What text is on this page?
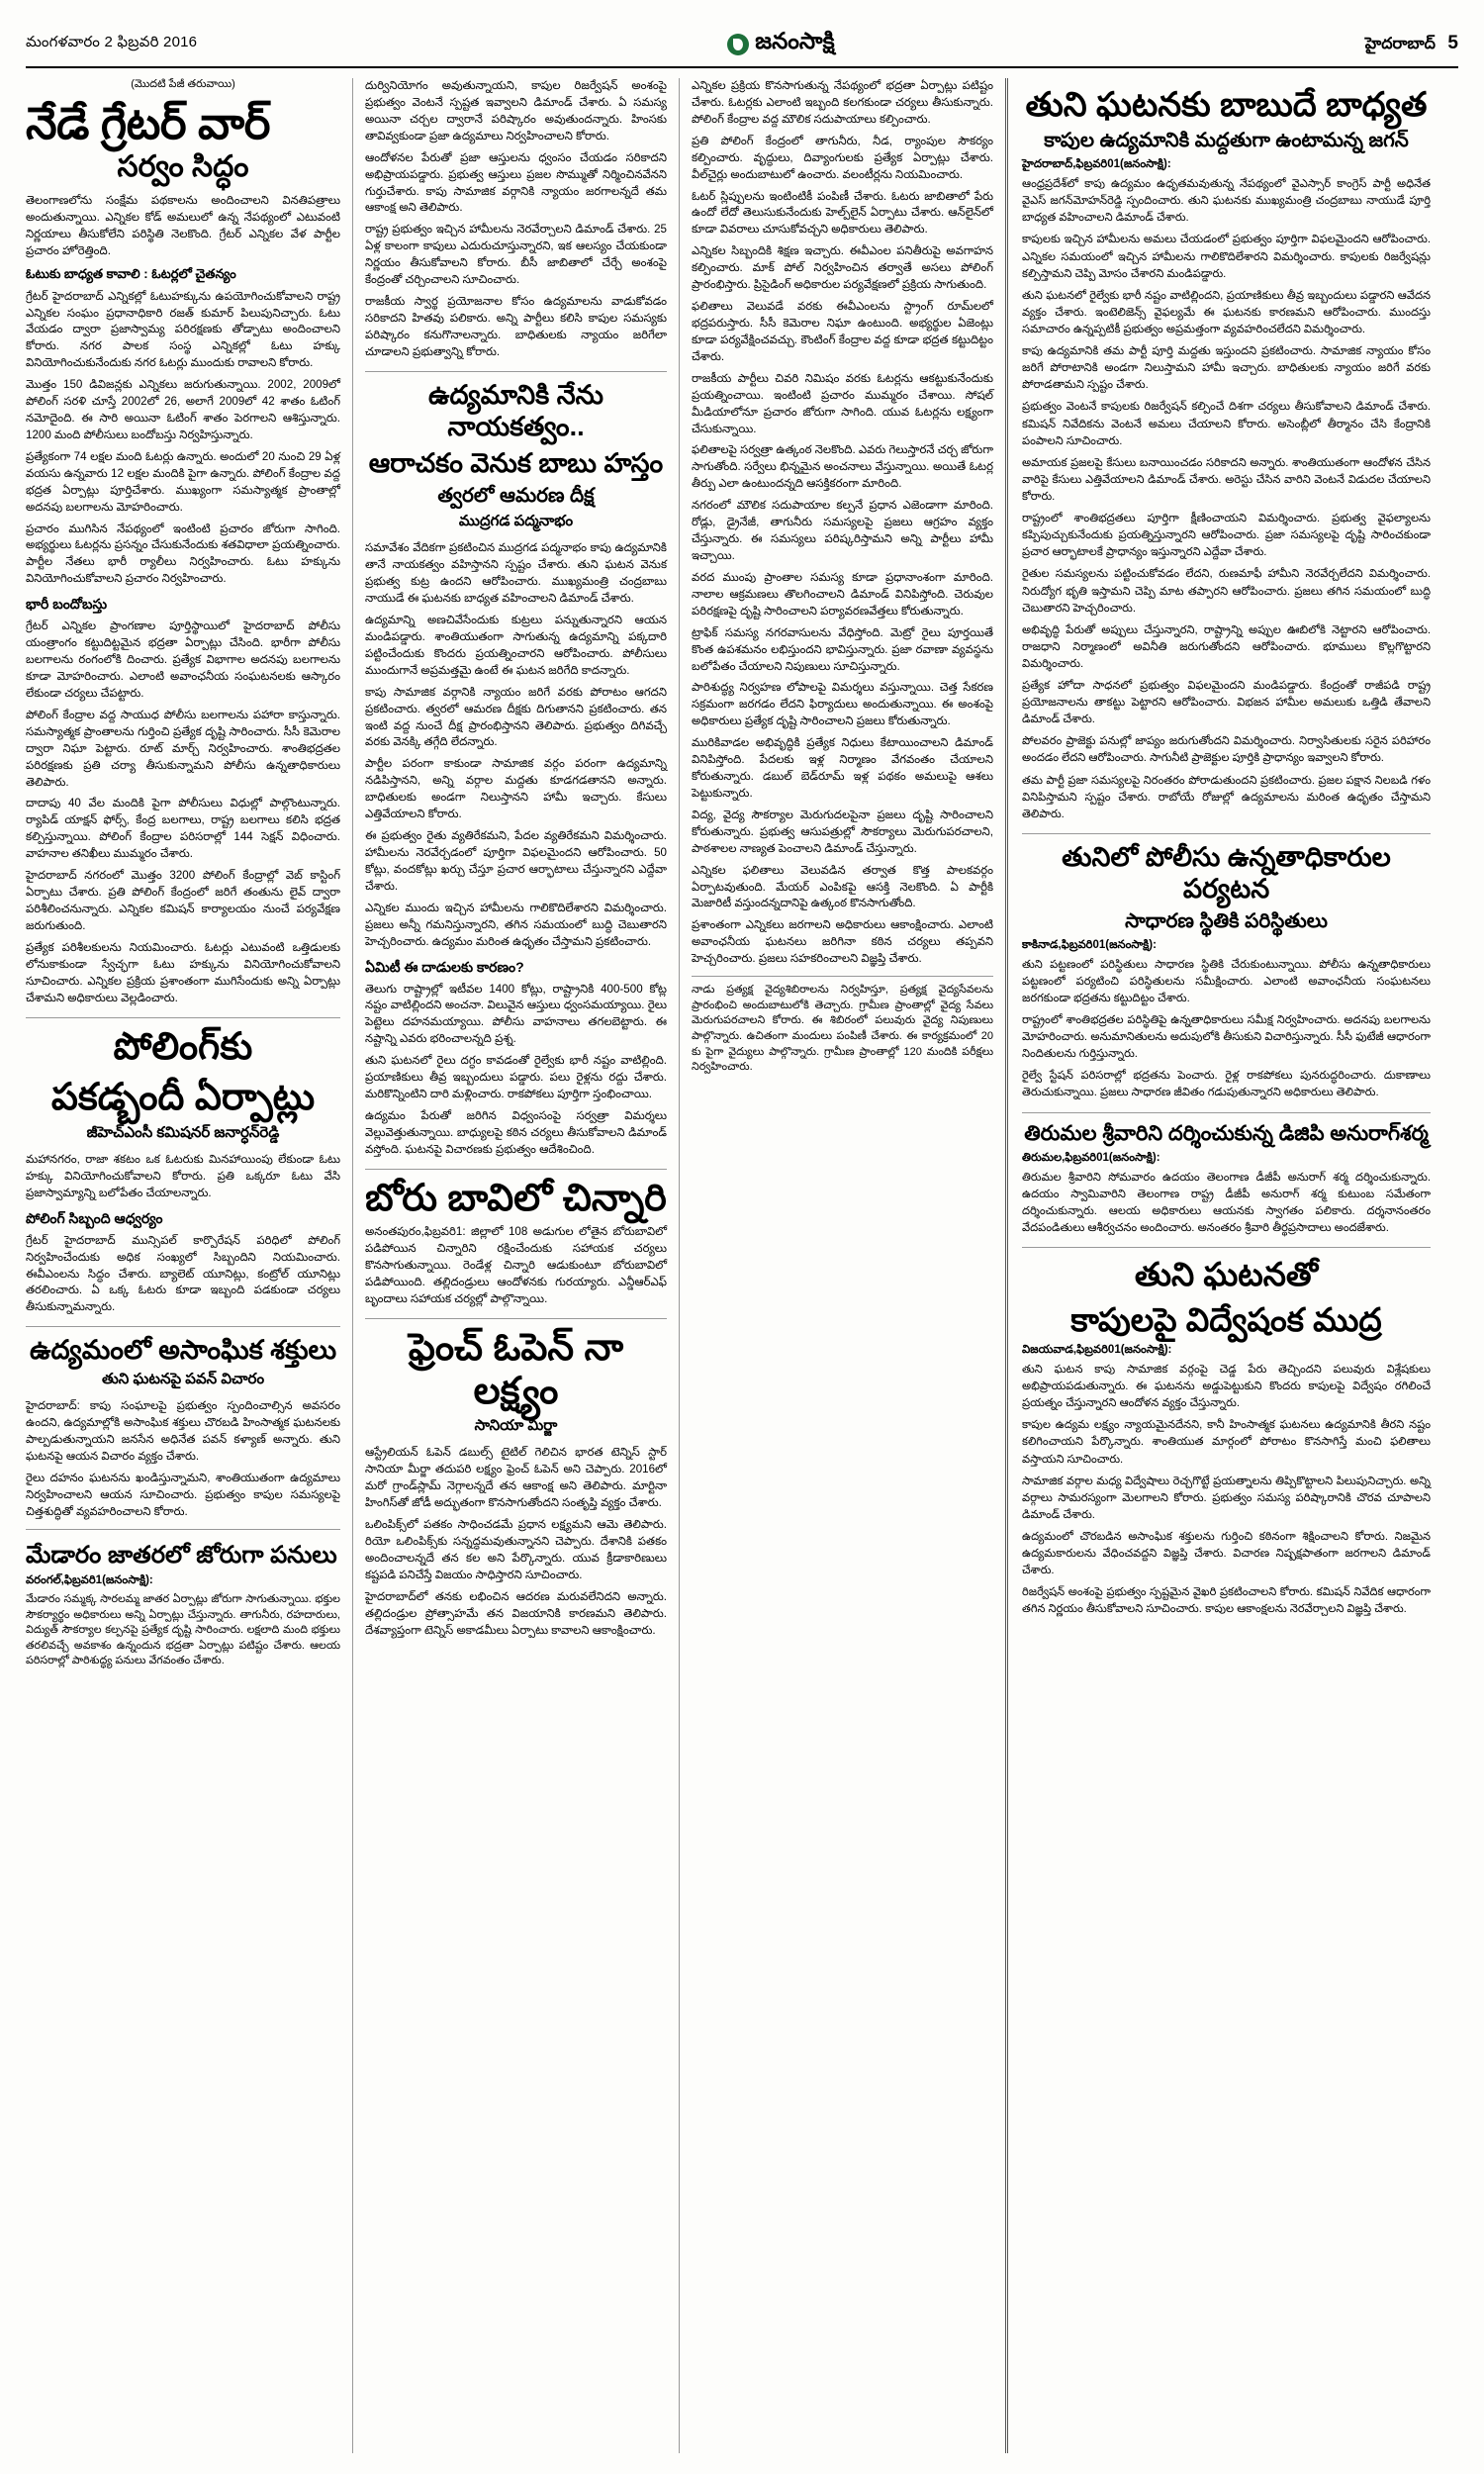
మంగళవారం 2 ఫిబ్రవరి 2016	జనంసాక్షి	హైదరాబాద్ 5
(మొదటి పేజీ తరువాయి)
నేడే గ్రేటర్ వార్
సర్వం సిద్ధం

తెలంగాణలోను సంక్షేమ పథకాలను అందించాలని వినతిపత్రాలు అందుతున్నాయి. ఎన్నికల కోడ్ అమలులో ఉన్న నేపథ్యంలో ఎటువంటి నిర్ణయాలు తీసుకోలేని పరిస్థితి నెలకొంది. గ్రేటర్ ఎన్నికల వేళ పార్టీల ప్రచారం హోరెత్తింది.

ఓటుకు బాధ్యత కావాలి : ఓటర్లలో చైతన్యం

గ్రేటర్ హైదరాబాద్ ఎన్నికల్లో ఓటుహక్కును ఉపయోగించుకోవాలని రాష్ట్ర ఎన్నికల సంఘం ప్రధానాధికారి రజత్ కుమార్ పిలుపునిచ్చారు. ఓటు వేయడం ద్వారా ప్రజాస్వామ్య పరిరక్షణకు తోడ్పాటు అందించాలని కోరారు. నగర పాలక సంస్థ ఎన్నికల్లో ఓటు హక్కు వినియోగించుకునేందుకు నగర ఓటర్లు ముందుకు రావాలని కోరారు.

మొత్తం 150 డివిజన్లకు ఎన్నికలు జరుగుతున్నాయి. 2002, 2009లో పోలింగ్ సరళి చూస్తే 2002లో 26, అలాగే 2009లో 42 శాతం ఓటింగ్ నమోదైంది. ఈ సారి అయినా ఓటింగ్ శాతం పెరగాలని ఆశిస్తున్నారు. 1200 మంది పోలీసులు బందోబస్తు నిర్వహిస్తున్నారు.

ప్రత్యేకంగా 74 లక్షల మంది ఓటర్లు ఉన్నారు. అందులో 20 నుంచి 29 ఏళ్ల వయసు ఉన్నవారు 12 లక్షల మందికి పైగా ఉన్నారు. పోలింగ్ కేంద్రాల వద్ద భద్రత ఏర్పాట్లు పూర్తిచేశారు. ముఖ్యంగా సమస్యాత్మక ప్రాంతాల్లో అదనపు బలగాలను మోహరించారు.

ప్రచారం ముగిసిన నేపథ్యంలో ఇంటింటి ప్రచారం జోరుగా సాగింది. అభ్యర్థులు ఓటర్లను ప్రసన్నం చేసుకునేందుకు శతవిధాలా ప్రయత్నించారు. పార్టీల నేతలు భారీ ర్యాలీలు నిర్వహించారు. ఓటు హక్కును వినియోగించుకోవాలని ప్రచారం నిర్వహించారు.

భారీ బందోబస్తు

గ్రేటర్ ఎన్నికల ప్రాంగణాల పూర్తిస్థాయిలో హైదరాబాద్ పోలీసు యంత్రాంగం కట్టుదిట్టమైన భద్రతా ఏర్పాట్లు చేసింది. భారీగా పోలీసు బలగాలను రంగంలోకి దించారు. ప్రత్యేక విభాగాల అదనపు బలగాలను కూడా మోహరించారు. ఎలాంటి అవాంఛనీయ సంఘటనలకు ఆస్కారం లేకుండా చర్యలు చేపట్టారు.

పోలింగ్ కేంద్రాల వద్ద సాయుధ పోలీసు బలగాలను పహారా కాస్తున్నారు. సమస్యాత్మక ప్రాంతాలను గుర్తించి ప్రత్యేక దృష్టి సారించారు. సీసీ కెమెరాల ద్వారా నిఘా పెట్టారు. రూట్ మార్చ్ నిర్వహించారు. శాంతిభద్రతల పరిరక్షణకు ప్రతి చర్యా తీసుకున్నామని పోలీసు ఉన్నతాధికారులు తెలిపారు.

దాదాపు 40 వేల మందికి పైగా పోలీసులు విధుల్లో పాల్గొంటున్నారు. ర్యాపిడ్ యాక్షన్ ఫోర్స్, కేంద్ర బలగాలు, రాష్ట్ర బలగాలు కలిసి భద్రత కల్పిస్తున్నాయి. పోలింగ్ కేంద్రాల పరిసరాల్లో 144 సెక్షన్ విధించారు. వాహనాల తనిఖీలు ముమ్మరం చేశారు.

హైదరాబాద్ నగరంలో మొత్తం 3200 పోలింగ్ కేంద్రాల్లో వెబ్ కాస్టింగ్ ఏర్పాటు చేశారు. ప్రతి పోలింగ్ కేంద్రంలో జరిగే తంతును లైవ్ ద్వారా పరిశీలించనున్నారు. ఎన్నికల కమిషన్ కార్యాలయం నుంచే పర్యవేక్షణ జరుగుతుంది.

ప్రత్యేక పరిశీలకులను నియమించారు. ఓటర్లు ఎటువంటి ఒత్తిడులకు లోనుకాకుండా స్వేచ్ఛగా ఓటు హక్కును వినియోగించుకోవాలని సూచించారు. ఎన్నికల ప్రక్రియ ప్రశాంతంగా ముగిసేందుకు అన్ని ఏర్పాట్లు చేశామని అధికారులు వెల్లడించారు.

పోలింగ్‌కు
పకడ్బందీ ఏర్పాట్లు
జీహెచ్ఎంసీ కమిషనర్ జనార్ధన్‌రెడ్డి

మహానగరం, రాజా శకటం ఒక ఓటరుకు మినహాయింపు లేకుండా ఓటు హక్కు వినియోగించుకోవాలని కోరారు. ప్రతి ఒక్కరూ ఓటు వేసి ప్రజాస్వామ్యాన్ని బలోపేతం చేయాలన్నారు.

పోలింగ్ సిబ్బంది ఆధ్వర్యం

గ్రేటర్ హైదరాబాద్ మున్సిపల్ కార్పొరేషన్ పరిధిలో పోలింగ్ నిర్వహించేందుకు అధిక సంఖ్యలో సిబ్బందిని నియమించారు. ఈవీఎంలను సిద్ధం చేశారు. బ్యాలెట్ యూనిట్లు, కంట్రోల్ యూనిట్లు తరలించారు. ఏ ఒక్క ఓటరు కూడా ఇబ్బంది పడకుండా చర్యలు తీసుకున్నామన్నారు.

ఉద్యమంలో అసాంఘిక శక్తులు
తుని ఘటనపై పవన్ విచారం

హైదరాబాద్: కాపు సంఘాలపై ప్రభుత్వం స్పందించాల్సిన అవసరం ఉందని, ఉద్యమాల్లోకి అసాంఘిక శక్తులు చొరబడి హింసాత్మక ఘటనలకు పాల్పడుతున్నాయని జనసేన అధినేత పవన్ కళ్యాణ్ అన్నారు. తుని ఘటనపై ఆయన విచారం వ్యక్తం చేశారు.

రైలు దహనం ఘటనను ఖండిస్తున్నామని, శాంతియుతంగా ఉద్యమాలు నిర్వహించాలని ఆయన సూచించారు. ప్రభుత్వం కాపుల సమస్యలపై చిత్తశుద్ధితో వ్యవహరించాలని కోరారు.

మేడారం జాతరలో జోరుగా పనులు
వరంగల్,ఫిబ్రవరి1(జనంసాక్షి):

మేడారం సమ్మక్క సారలమ్మ జాతర ఏర్పాట్లు జోరుగా సాగుతున్నాయి. భక్తుల సౌకర్యార్థం అధికారులు అన్ని ఏర్పాట్లు చేస్తున్నారు. తాగునీరు, రహదారులు, విద్యుత్ సౌకర్యాల కల్పనపై ప్రత్యేక దృష్టి సారించారు. లక్షలాది మంది భక్తులు తరలివచ్చే అవకాశం ఉన్నందున భద్రతా ఏర్పాట్లు పటిష్టం చేశారు. ఆలయ పరిసరాల్లో పారిశుద్ధ్య పనులు వేగవంతం చేశారు.

దుర్వినియోగం అవుతున్నాయని, కాపుల రిజర్వేషన్ అంశంపై ప్రభుత్వం వెంటనే స్పష్టత ఇవ్వాలని డిమాండ్ చేశారు. ఏ సమస్య అయినా చర్చల ద్వారానే పరిష్కారం అవుతుందన్నారు. హింసకు తావివ్వకుండా ప్రజా ఉద్యమాలు నిర్వహించాలని కోరారు.

ఆందోళనల పేరుతో ప్రజా ఆస్తులను ధ్వంసం చేయడం సరికాదని అభిప్రాయపడ్డారు. ప్రభుత్వ ఆస్తులు ప్రజల సొమ్ముతో నిర్మించినవేనని గుర్తుచేశారు. కాపు సామాజిక వర్గానికి న్యాయం జరగాలన్నదే తమ ఆకాంక్ష అని తెలిపారు.

రాష్ట్ర ప్రభుత్వం ఇచ్చిన హామీలను నెరవేర్చాలని డిమాండ్ చేశారు. 25 ఏళ్ల కాలంగా కాపులు ఎదురుచూస్తున్నారని, ఇక ఆలస్యం చేయకుండా నిర్ణయం తీసుకోవాలని కోరారు. బీసీ జాబితాలో చేర్చే అంశంపై కేంద్రంతో చర్చించాలని సూచించారు.

రాజకీయ స్వార్థ ప్రయోజనాల కోసం ఉద్యమాలను వాడుకోవడం సరికాదని హితవు పలికారు. అన్ని పార్టీలు కలిసి కాపుల సమస్యకు పరిష్కారం కనుగొనాలన్నారు. బాధితులకు న్యాయం జరిగేలా చూడాలని ప్రభుత్వాన్ని కోరారు.

ఉద్యమానికి నేను నాయకత్వం..
ఆరాచకం వెనుక బాబు హస్తం
త్వరలో ఆమరణ దీక్ష
ముద్రగడ పద్మనాభం

సమావేశం వేదికగా ప్రకటించిన ముద్రగడ పద్మనాభం కాపు ఉద్యమానికి తానే నాయకత్వం వహిస్తానని స్పష్టం చేశారు. తుని ఘటన వెనుక ప్రభుత్వ కుట్ర ఉందని ఆరోపించారు. ముఖ్యమంత్రి చంద్రబాబు నాయుడే ఈ ఘటనకు బాధ్యత వహించాలని డిమాండ్ చేశారు.

ఉద్యమాన్ని అణచివేసేందుకు కుట్రలు పన్నుతున్నారని ఆయన మండిపడ్డారు. శాంతియుతంగా సాగుతున్న ఉద్యమాన్ని పక్కదారి పట్టించేందుకు కొందరు ప్రయత్నించారని ఆరోపించారు. పోలీసులు ముందుగానే అప్రమత్తమై ఉంటే ఈ ఘటన జరిగేది కాదన్నారు.

కాపు సామాజిక వర్గానికి న్యాయం జరిగే వరకు పోరాటం ఆగదని ప్రకటించారు. త్వరలో ఆమరణ దీక్షకు దిగుతానని ప్రకటించారు. తన ఇంటి వద్ద నుంచే దీక్ష ప్రారంభిస్తానని తెలిపారు. ప్రభుత్వం దిగివచ్చే వరకు వెనక్కి తగ్గేది లేదన్నారు.

పార్టీల పరంగా కాకుండా సామాజిక వర్గం పరంగా ఉద్యమాన్ని నడిపిస్తానని, అన్ని వర్గాల మద్దతు కూడగడతానని అన్నారు. బాధితులకు అండగా నిలుస్తానని హామీ ఇచ్చారు. కేసులు ఎత్తివేయాలని కోరారు.

ఈ ప్రభుత్వం రైతు వ్యతిరేకమని, పేదల వ్యతిరేకమని విమర్శించారు. హామీలను నెరవేర్చడంలో పూర్తిగా విఫలమైందని ఆరోపించారు. 50 కోట్లు, వందకోట్లు ఖర్చు చేస్తూ ప్రచార ఆర్భాటాలు చేస్తున్నారని ఎద్దేవా చేశారు.

ఎన్నికల ముందు ఇచ్చిన హామీలను గాలికొదిలేశారని విమర్శించారు. ప్రజలు అన్నీ గమనిస్తున్నారని, తగిన సమయంలో బుద్ధి చెబుతారని హెచ్చరించారు. ఉద్యమం మరింత ఉధృతం చేస్తామని ప్రకటించారు.

ఏమిటీ ఈ దాడులకు కారణం?

తెలుగు రాష్ట్రాల్లో ఇటీవల 1400 కోట్లు, రాష్ట్రానికి 400-500 కోట్ల నష్టం వాటిల్లిందని అంచనా. విలువైన ఆస్తులు ధ్వంసమయ్యాయి. రైలు పెట్టెలు దహనమయ్యాయి. పోలీసు వాహనాలు తగలబెట్టారు. ఈ నష్టాన్ని ఎవరు భరించాలన్నది ప్రశ్న.

తుని ఘటనలో రైలు దగ్ధం కావడంతో రైల్వేకు భారీ నష్టం వాటిల్లింది. ప్రయాణికులు తీవ్ర ఇబ్బందులు పడ్డారు. పలు రైళ్లను రద్దు చేశారు. మరికొన్నింటిని దారి మళ్లించారు. రాకపోకలు పూర్తిగా స్తంభించాయి.

ఉద్యమం పేరుతో జరిగిన విధ్వంసంపై సర్వత్రా విమర్శలు వెల్లువెత్తుతున్నాయి. బాధ్యులపై కఠిన చర్యలు తీసుకోవాలని డిమాండ్ వస్తోంది. ఘటనపై విచారణకు ప్రభుత్వం ఆదేశించింది.

బోరు బావిలో చిన్నారి

అనంతపురం,ఫిబ్రవరి1: జిల్లాలో 108 అడుగుల లోతైన బోరుబావిలో పడిపోయిన చిన్నారిని రక్షించేందుకు సహాయక చర్యలు కొనసాగుతున్నాయి. రెండేళ్ల చిన్నారి ఆడుకుంటూ బోరుబావిలో పడిపోయింది. తల్లిదండ్రులు ఆందోళనకు గురయ్యారు. ఎన్డీఆర్ఎఫ్ బృందాలు సహాయక చర్యల్లో పాల్గొన్నాయి.

ఫ్రెంచ్ ఓపెన్ నా లక్ష్యం
సానియా మీర్జా

ఆస్ట్రేలియన్ ఓపెన్ డబుల్స్ టైటిల్ గెలిచిన భారత టెన్నిస్ స్టార్ సానియా మీర్జా తదుపరి లక్ష్యం ఫ్రెంచ్ ఓపెన్ అని చెప్పారు. 2016లో మరో గ్రాండ్‌స్లామ్ నెగ్గాలన్నదే తన ఆకాంక్ష అని తెలిపారు. మార్టినా హింగిస్‌తో జోడీ అద్భుతంగా కొనసాగుతోందని సంతృప్తి వ్యక్తం చేశారు.

ఒలింపిక్స్‌లో పతకం సాధించడమే ప్రధాన లక్ష్యమని ఆమె తెలిపారు. రియో ఒలింపిక్స్‌కు సన్నద్ధమవుతున్నానని చెప్పారు. దేశానికి పతకం అందించాలన్నదే తన కల అని పేర్కొన్నారు. యువ క్రీడాకారిణులు కష్టపడి పనిచేస్తే విజయం సాధిస్తారని సూచించారు.

హైదరాబాద్‌లో తనకు లభించిన ఆదరణ మరువలేనిదని అన్నారు. తల్లిదండ్రుల ప్రోత్సాహమే తన విజయానికి కారణమని తెలిపారు. దేశవ్యాప్తంగా టెన్నిస్ అకాడమీలు ఏర్పాటు కావాలని ఆకాంక్షించారు.

ఎన్నికల ప్రక్రియ కొనసాగుతున్న నేపథ్యంలో భద్రతా ఏర్పాట్లు పటిష్టం చేశారు. ఓటర్లకు ఎలాంటి ఇబ్బంది కలగకుండా చర్యలు తీసుకున్నారు. పోలింగ్ కేంద్రాల వద్ద మౌలిక సదుపాయాలు కల్పించారు.

ప్రతి పోలింగ్ కేంద్రంలో తాగునీరు, నీడ, ర్యాంపుల సౌకర్యం కల్పించారు. వృద్ధులు, దివ్యాంగులకు ప్రత్యేక ఏర్పాట్లు చేశారు. వీల్‌చైర్లు అందుబాటులో ఉంచారు. వలంటీర్లను నియమించారు.

ఓటర్ స్లిప్పులను ఇంటింటికీ పంపిణీ చేశారు. ఓటరు జాబితాలో పేరు ఉందో లేదో తెలుసుకునేందుకు హెల్ప్‌లైన్ ఏర్పాటు చేశారు. ఆన్‌లైన్‌లో కూడా వివరాలు చూసుకోవచ్చని అధికారులు తెలిపారు.

ఎన్నికల సిబ్బందికి శిక్షణ ఇచ్చారు. ఈవీఎంల పనితీరుపై అవగాహన కల్పించారు. మాక్ పోల్ నిర్వహించిన తర్వాతే అసలు పోలింగ్ ప్రారంభిస్తారు. ప్రిసైడింగ్ అధికారుల పర్యవేక్షణలో ప్రక్రియ సాగుతుంది.

ఫలితాలు వెలువడే వరకు ఈవీఎంలను స్ట్రాంగ్ రూమ్‌లలో భద్రపరుస్తారు. సీసీ కెమెరాల నిఘా ఉంటుంది. అభ్యర్థుల ఏజెంట్లు కూడా పర్యవేక్షించవచ్చు. కౌంటింగ్ కేంద్రాల వద్ద కూడా భద్రత కట్టుదిట్టం చేశారు.

రాజకీయ పార్టీలు చివరి నిమిషం వరకు ఓటర్లను ఆకట్టుకునేందుకు ప్రయత్నించాయి. ఇంటింటి ప్రచారం ముమ్మరం చేశాయి. సోషల్ మీడియాలోనూ ప్రచారం జోరుగా సాగింది. యువ ఓటర్లను లక్ష్యంగా చేసుకున్నాయి.

ఫలితాలపై సర్వత్రా ఉత్కంఠ నెలకొంది. ఎవరు గెలుస్తారనే చర్చ జోరుగా సాగుతోంది. సర్వేలు భిన్నమైన అంచనాలు వేస్తున్నాయి. అయితే ఓటర్ల తీర్పు ఎలా ఉంటుందన్నది ఆసక్తికరంగా మారింది.

నగరంలో మౌలిక సదుపాయాల కల్పనే ప్రధాన ఎజెండాగా మారింది. రోడ్లు, డ్రైనేజీ, తాగునీరు సమస్యలపై ప్రజలు ఆగ్రహం వ్యక్తం చేస్తున్నారు. ఈ సమస్యలు పరిష్కరిస్తామని అన్ని పార్టీలు హామీ ఇచ్చాయి.

వరద ముంపు ప్రాంతాల సమస్య కూడా ప్రధానాంశంగా మారింది. నాలాల ఆక్రమణలు తొలగించాలని డిమాండ్ వినిపిస్తోంది. చెరువుల పరిరక్షణపై దృష్టి సారించాలని పర్యావరణవేత్తలు కోరుతున్నారు.

ట్రాఫిక్ సమస్య నగరవాసులను వేధిస్తోంది. మెట్రో రైలు పూర్తయితే కొంత ఉపశమనం లభిస్తుందని భావిస్తున్నారు. ప్రజా రవాణా వ్యవస్థను బలోపేతం చేయాలని నిపుణులు సూచిస్తున్నారు.

పారిశుద్ధ్య నిర్వహణ లోపాలపై విమర్శలు వస్తున్నాయి. చెత్త సేకరణ సక్రమంగా జరగడం లేదని ఫిర్యాదులు అందుతున్నాయి. ఈ అంశంపై అధికారులు ప్రత్యేక దృష్టి సారించాలని ప్రజలు కోరుతున్నారు.

మురికివాడల అభివృద్ధికి ప్రత్యేక నిధులు కేటాయించాలని డిమాండ్ వినిపిస్తోంది. పేదలకు ఇళ్ల నిర్మాణం వేగవంతం చేయాలని కోరుతున్నారు. డబుల్ బెడ్‌రూమ్ ఇళ్ల పథకం అమలుపై ఆశలు పెట్టుకున్నారు.

విద్య, వైద్య సౌకర్యాల మెరుగుదలపైనా ప్రజలు దృష్టి సారించాలని కోరుతున్నారు. ప్రభుత్వ ఆసుపత్రుల్లో సౌకర్యాలు మెరుగుపరచాలని, పాఠశాలల నాణ్యత పెంచాలని డిమాండ్ చేస్తున్నారు.

ఎన్నికల ఫలితాలు వెలువడిన తర్వాత కొత్త పాలకవర్గం ఏర్పాటవుతుంది. మేయర్ ఎంపికపై ఆసక్తి నెలకొంది. ఏ పార్టీకి మెజారిటీ వస్తుందన్నదానిపై ఉత్కంఠ కొనసాగుతోంది.

ప్రశాంతంగా ఎన్నికలు జరగాలని అధికారులు ఆకాంక్షించారు. ఎలాంటి అవాంఛనీయ ఘటనలు జరిగినా కఠిన చర్యలు తప్పవని హెచ్చరించారు. ప్రజలు సహకరించాలని విజ్ఞప్తి చేశారు.

నాడు ప్రత్యక్ష వైద్యశిబిరాలను నిర్వహిస్తూ, ప్రత్యక్ష వైద్యసేవలను ప్రారంభించి అందుబాటులోకి తెచ్చారు. గ్రామీణ ప్రాంతాల్లో వైద్య సేవలు మెరుగుపరచాలని కోరారు. ఈ శిబిరంలో పలువురు వైద్య నిపుణులు పాల్గొన్నారు. ఉచితంగా మందులు పంపిణీ చేశారు. ఈ కార్యక్రమంలో 20 కు పైగా వైద్యులు పాల్గొన్నారు. గ్రామీణ ప్రాంతాల్లో 120 మందికి పరీక్షలు నిర్వహించారు.

తుని ఘటనకు బాబుదే బాధ్యత
కాపుల ఉద్యమానికి మద్దతుగా ఉంటామన్న జగన్
హైదరాబాద్,ఫిబ్రవరి01(జనంసాక్షి):

ఆంధ్రప్రదేశ్‌లో కాపు ఉద్యమం ఉధృతమవుతున్న నేపథ్యంలో వైఎస్సార్ కాంగ్రెస్ పార్టీ అధినేత వైఎస్ జగన్‌మోహన్‌రెడ్డి స్పందించారు. తుని ఘటనకు ముఖ్యమంత్రి చంద్రబాబు నాయుడే పూర్తి బాధ్యత వహించాలని డిమాండ్ చేశారు.

కాపులకు ఇచ్చిన హామీలను అమలు చేయడంలో ప్రభుత్వం పూర్తిగా విఫలమైందని ఆరోపించారు. ఎన్నికల సమయంలో ఇచ్చిన హామీలను గాలికొదిలేశారని విమర్శించారు. కాపులకు రిజర్వేషన్లు కల్పిస్తామని చెప్పి మోసం చేశారని మండిపడ్డారు.

తుని ఘటనలో రైల్వేకు భారీ నష్టం వాటిల్లిందని, ప్రయాణికులు తీవ్ర ఇబ్బందులు పడ్డారని ఆవేదన వ్యక్తం చేశారు. ఇంటెలిజెన్స్ వైఫల్యమే ఈ ఘటనకు కారణమని ఆరోపించారు. ముందస్తు సమాచారం ఉన్నప్పటికీ ప్రభుత్వం అప్రమత్తంగా వ్యవహరించలేదని విమర్శించారు.

కాపు ఉద్యమానికి తమ పార్టీ పూర్తి మద్దతు ఇస్తుందని ప్రకటించారు. సామాజిక న్యాయం కోసం జరిగే పోరాటానికి అండగా నిలుస్తామని హామీ ఇచ్చారు. బాధితులకు న్యాయం జరిగే వరకు పోరాడతామని స్పష్టం చేశారు.

ప్రభుత్వం వెంటనే కాపులకు రిజర్వేషన్ కల్పించే దిశగా చర్యలు తీసుకోవాలని డిమాండ్ చేశారు. కమిషన్ నివేదికను వెంటనే అమలు చేయాలని కోరారు. అసెంబ్లీలో తీర్మానం చేసి కేంద్రానికి పంపాలని సూచించారు.

అమాయక ప్రజలపై కేసులు బనాయించడం సరికాదని అన్నారు. శాంతియుతంగా ఆందోళన చేసిన వారిపై కేసులు ఎత్తివేయాలని డిమాండ్ చేశారు. అరెస్టు చేసిన వారిని వెంటనే విడుదల చేయాలని కోరారు.

రాష్ట్రంలో శాంతిభద్రతలు పూర్తిగా క్షీణించాయని విమర్శించారు. ప్రభుత్వ వైఫల్యాలను కప్పిపుచ్చుకునేందుకు ప్రయత్నిస్తున్నారని ఆరోపించారు. ప్రజా సమస్యలపై దృష్టి సారించకుండా ప్రచార ఆర్భాటాలకే ప్రాధాన్యం ఇస్తున్నారని ఎద్దేవా చేశారు.

రైతుల సమస్యలను పట్టించుకోవడం లేదని, రుణమాఫీ హామీని నెరవేర్చలేదని విమర్శించారు. నిరుద్యోగ భృతి ఇస్తామని చెప్పి మాట తప్పారని ఆరోపించారు. ప్రజలు తగిన సమయంలో బుద్ధి చెబుతారని హెచ్చరించారు.

అభివృద్ధి పేరుతో అప్పులు చేస్తున్నారని, రాష్ట్రాన్ని అప్పుల ఊబిలోకి నెట్టారని ఆరోపించారు. రాజధాని నిర్మాణంలో అవినీతి జరుగుతోందని ఆరోపించారు. భూములు కొల్లగొట్టారని విమర్శించారు.

ప్రత్యేక హోదా సాధనలో ప్రభుత్వం విఫలమైందని మండిపడ్డారు. కేంద్రంతో రాజీపడి రాష్ట్ర ప్రయోజనాలను తాకట్టు పెట్టారని ఆరోపించారు. విభజన హామీల అమలుకు ఒత్తిడి తేవాలని డిమాండ్ చేశారు.

పోలవరం ప్రాజెక్టు పనుల్లో జాప్యం జరుగుతోందని విమర్శించారు. నిర్వాసితులకు సరైన పరిహారం అందడం లేదని ఆరోపించారు. సాగునీటి ప్రాజెక్టుల పూర్తికి ప్రాధాన్యం ఇవ్వాలని కోరారు.

తమ పార్టీ ప్రజా సమస్యలపై నిరంతరం పోరాడుతుందని ప్రకటించారు. ప్రజల పక్షాన నిలబడి గళం వినిపిస్తామని స్పష్టం చేశారు. రాబోయే రోజుల్లో ఉద్యమాలను మరింత ఉధృతం చేస్తామని తెలిపారు.

తునిలో పోలీసు ఉన్నతాధికారుల పర్యటన
సాధారణ స్థితికి పరిస్థితులు
కాకినాడ,ఫిబ్రవరి01(జనంసాక్షి):

తుని పట్టణంలో పరిస్థితులు సాధారణ స్థితికి చేరుకుంటున్నాయి. పోలీసు ఉన్నతాధికారులు పట్టణంలో పర్యటించి పరిస్థితులను సమీక్షించారు. ఎలాంటి అవాంఛనీయ సంఘటనలు జరగకుండా భద్రతను కట్టుదిట్టం చేశారు.

రాష్ట్రంలో శాంతిభద్రతల పరిస్థితిపై ఉన్నతాధికారులు సమీక్ష నిర్వహించారు. అదనపు బలగాలను మోహరించారు. అనుమానితులను అదుపులోకి తీసుకుని విచారిస్తున్నారు. సీసీ ఫుటేజీ ఆధారంగా నిందితులను గుర్తిస్తున్నారు.

రైల్వే స్టేషన్ పరిసరాల్లో భద్రతను పెంచారు. రైళ్ల రాకపోకలు పునరుద్ధరించారు. దుకాణాలు తెరుచుకున్నాయి. ప్రజలు సాధారణ జీవితం గడుపుతున్నారని అధికారులు తెలిపారు.

తిరుమల శ్రీవారిని దర్శించుకున్న డిజిపి అనురాగ్‌శర్మ
తిరుమల,ఫిబ్రవరి01(జనంసాక్షి):

తిరుమల శ్రీవారిని సోమవారం ఉదయం తెలంగాణ డీజీపీ అనురాగ్ శర్మ దర్శించుకున్నారు. ఉదయం స్వామివారిని తెలంగాణ రాష్ట్ర డీజీపీ అనురాగ్ శర్మ కుటుంబ సమేతంగా దర్శించుకున్నారు. ఆలయ అధికారులు ఆయనకు స్వాగతం పలికారు. దర్శనానంతరం వేదపండితులు ఆశీర్వచనం అందించారు. అనంతరం శ్రీవారి తీర్థప్రసాదాలు అందజేశారు.

తుని ఘటనతో
కాపులపై విద్వేషంక ముద్ర
విజయవాడ,ఫిబ్రవరి01(జనంసాక్షి):

తుని ఘటన కాపు సామాజిక వర్గంపై చెడ్డ పేరు తెచ్చిందని పలువురు విశ్లేషకులు అభిప్రాయపడుతున్నారు. ఈ ఘటనను అడ్డుపెట్టుకుని కొందరు కాపులపై విద్వేషం రగిలించే ప్రయత్నం చేస్తున్నారని ఆందోళన వ్యక్తం చేస్తున్నారు.

కాపుల ఉద్యమ లక్ష్యం న్యాయమైనదేనని, కానీ హింసాత్మక ఘటనలు ఉద్యమానికి తీరని నష్టం కలిగించాయని పేర్కొన్నారు. శాంతియుత మార్గంలో పోరాటం కొనసాగిస్తే మంచి ఫలితాలు వస్తాయని సూచించారు.

సామాజిక వర్గాల మధ్య విద్వేషాలు రెచ్చగొట్టే ప్రయత్నాలను తిప్పికొట్టాలని పిలుపునిచ్చారు. అన్ని వర్గాలు సామరస్యంగా మెలగాలని కోరారు. ప్రభుత్వం సమస్య పరిష్కారానికి చొరవ చూపాలని డిమాండ్ చేశారు.

ఉద్యమంలో చొరబడిన అసాంఘిక శక్తులను గుర్తించి కఠినంగా శిక్షించాలని కోరారు. నిజమైన ఉద్యమకారులను వేధించవద్దని విజ్ఞప్తి చేశారు. విచారణ నిష్పక్షపాతంగా జరగాలని డిమాండ్ చేశారు.

రిజర్వేషన్ అంశంపై ప్రభుత్వం స్పష్టమైన వైఖరి ప్రకటించాలని కోరారు. కమిషన్ నివేదిక ఆధారంగా తగిన నిర్ణయం తీసుకోవాలని సూచించారు. కాపుల ఆకాంక్షలను నెరవేర్చాలని విజ్ఞప్తి చేశారు.
